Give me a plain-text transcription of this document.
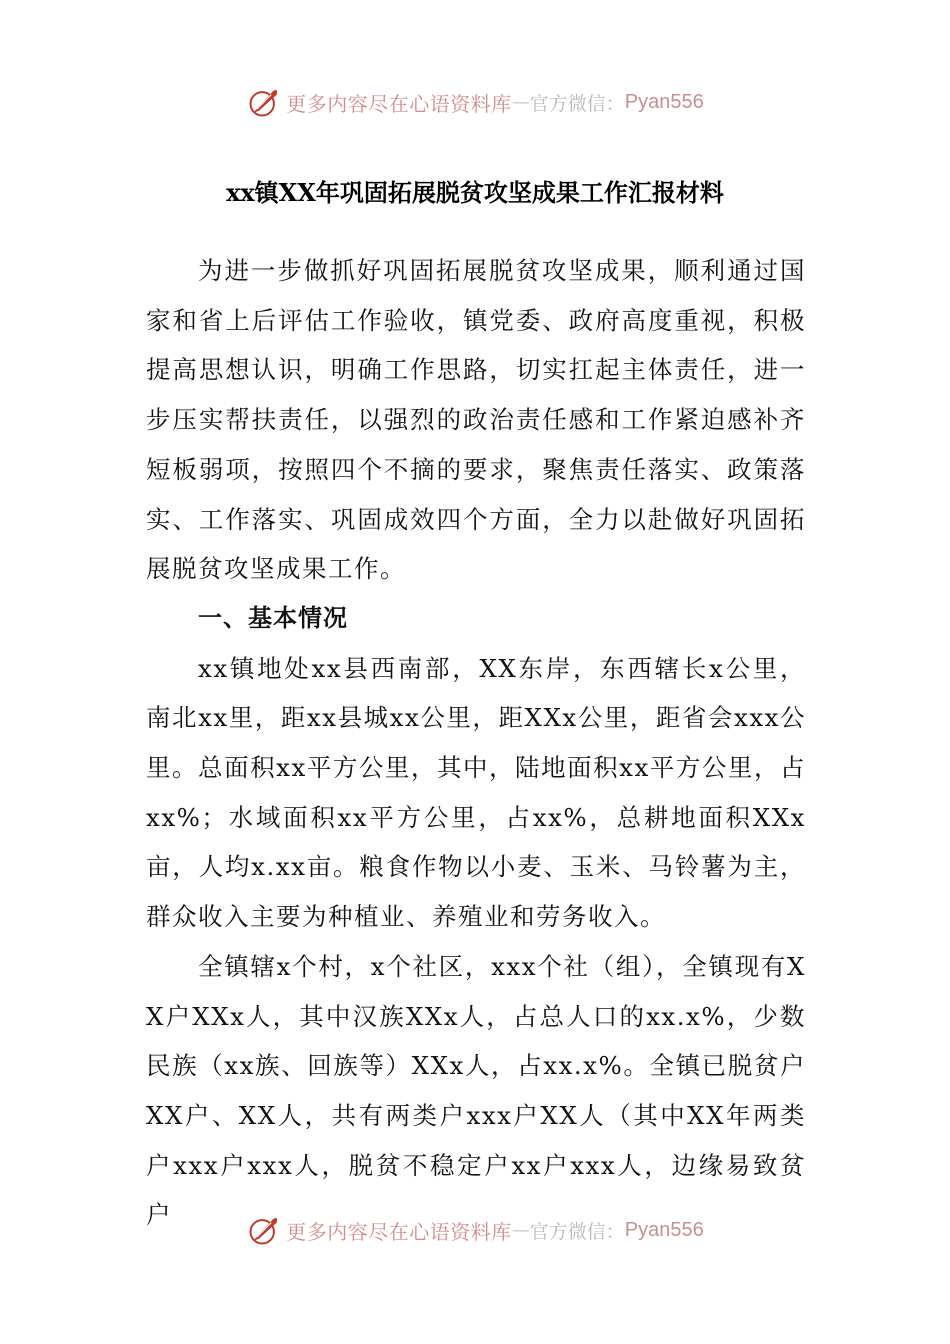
更多内容尽在心语资料库 — 官方微信： Pyan556
xx镇XX年巩固拓展脱贫攻坚成果工作汇报材料

为进一步做抓好巩固拓展脱贫攻坚成果，顺利通过国家和省上后评估工作验收，镇党委、政府高度重视，积极提高思想认识，明确工作思路，切实扛起主体责任，进一步压实帮扶责任，以强烈的政治责任感和工作紧迫感补齐短板弱项，按照四个不摘的要求，聚焦责任落实、政策落实、工作落实、巩固成效四个方面，全力以赴做好巩固拓展脱贫攻坚成果工作。

一、基本情况

xx镇地处xx县西南部，XX东岸，东西辖长x公里，南北xx里，距xx县城xx公里，距XXx公里，距省会xxx公里。总面积xx平方公里，其中，陆地面积xx平方公里，占xx%；水域面积xx平方公里，占xx%，总耕地面积XXx亩，人均x.xx亩。粮食作物以小麦、玉米、马铃薯为主，群众收入主要为种植业、养殖业和劳务收入。

全镇辖x个村，x个社区，xxx个社（组），全镇现有XX户XXx人，其中汉族XXx人，占总人口的xx.x%，少数民族（xx族、回族等）XXx人，占xx.x%。全镇已脱贫户XX户、XX人，共有两类户xxx户XX人（其中XX年两类户xxx户xxx人，脱贫不稳定户xx户xxx人，边缘易致贫户

更多内容尽在心语资料库 — 官方微信： Pyan556
